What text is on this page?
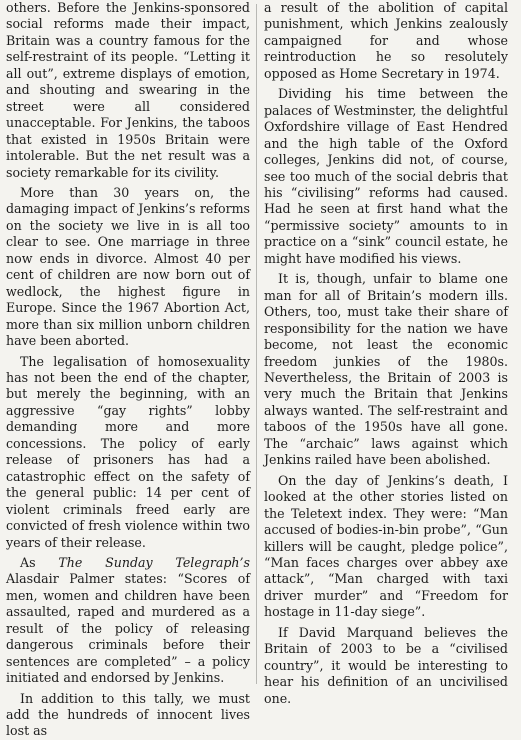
others. Before the Jenkins-sponsored social reforms made their impact, Britain was a country famous for the self-restraint of its people. “Letting it all out”, extreme displays of emotion, and shouting and swearing in the street were all considered unacceptable. For Jenkins, the taboos that existed in 1950s Britain were intolerable. But the net result was a society remarkable for its civility.

More than 30 years on, the damaging impact of Jenkins’s reforms on the society we live in is all too clear to see. One marriage in three now ends in divorce. Almost 40 per cent of children are now born out of wedlock, the highest figure in Europe. Since the 1967 Abortion Act, more than six million unborn children have been aborted.

The legalisation of homosexuality has not been the end of the chapter, but merely the beginning, with an aggressive “gay rights” lobby demanding more and more concessions. The policy of early release of prisoners has had a catastrophic effect on the safety of the general public: 14 per cent of violent criminals freed early are convicted of fresh violence within two years of their release.

As The Sunday Telegraph’s Alasdair Palmer states: “Scores of men, women and children have been assaulted, raped and murdered as a result of the policy of releasing dangerous criminals before their sentences are completed” – a policy initiated and endorsed by Jenkins.

In addition to this tally, we must add the hundreds of innocent lives lost as

a result of the abolition of capital punishment, which Jenkins zealously campaigned for and whose reintroduction he so resolutely opposed as Home Secretary in 1974.

Dividing his time between the palaces of Westminster, the delightful Oxfordshire village of East Hendred and the high table of the Oxford colleges, Jenkins did not, of course, see too much of the social debris that his “civilising” reforms had caused. Had he seen at first hand what the “permissive society” amounts to in practice on a “sink” council estate, he might have modified his views.

It is, though, unfair to blame one man for all of Britain’s modern ills. Others, too, must take their share of responsibility for the nation we have become, not least the economic freedom junkies of the 1980s. Nevertheless, the Britain of 2003 is very much the Britain that Jenkins always wanted. The self-restraint and taboos of the 1950s have all gone. The “archaic” laws against which Jenkins railed have been abolished.

On the day of Jenkins’s death, I looked at the other stories listed on the Teletext index. They were: “Man accused of bodies-in-bin probe”, “Gun killers will be caught, pledge police”, “Man faces charges over abbey axe attack”, “Man charged with taxi driver murder” and “Freedom for hostage in 11-day siege”.

If David Marquand believes the Britain of 2003 to be a “civilised country”, it would be interesting to hear his definition of an uncivilised one.
